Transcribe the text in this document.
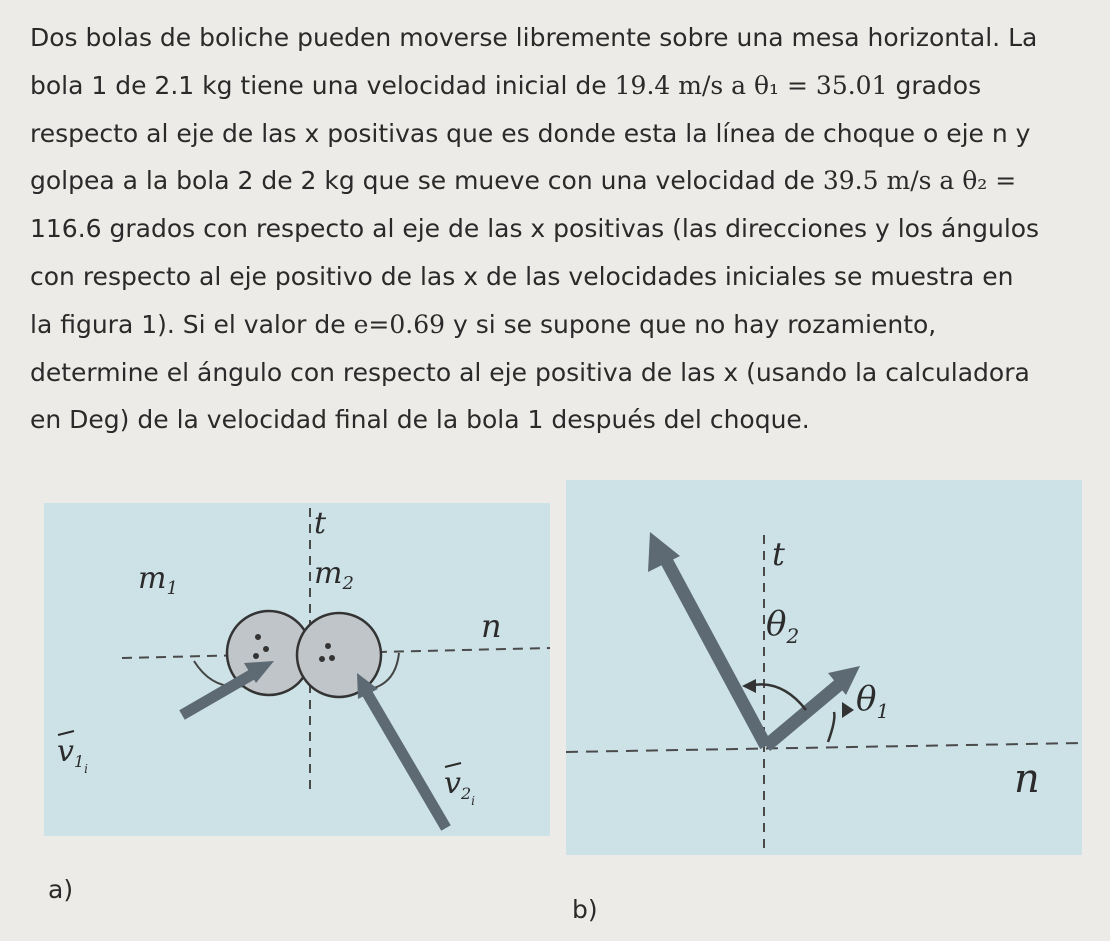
Dos bolas de boliche pueden moverse libremente sobre una mesa horizontal. La

bola 1 de 2.1 kg tiene una velocidad inicial de 19.4 m/s a θ₁ = 35.01 grados

respecto al eje de las x positivas que es donde esta la línea de choque o eje n y

golpea a la bola 2 de 2 kg que se mueve con una velocidad de 39.5 m/s a θ₂ =

116.6 grados con respecto al eje de las x positivas (las direcciones y los ángulos

con respecto al eje positivo de las x de las velocidades iniciales se muestra en

la figura 1). Si el valor de e=0.69 y si se supone que no hay rozamiento,

determine el ángulo con respecto al eje positiva de las x (usando la calculadora

en Deg) de la velocidad final de la bola 1 después del choque.

t
$m_1$	$m_2$
n
$v_{1i}$	$v_{2i}$
a)
t
$\theta_2$
$\theta_1$
n
b)
